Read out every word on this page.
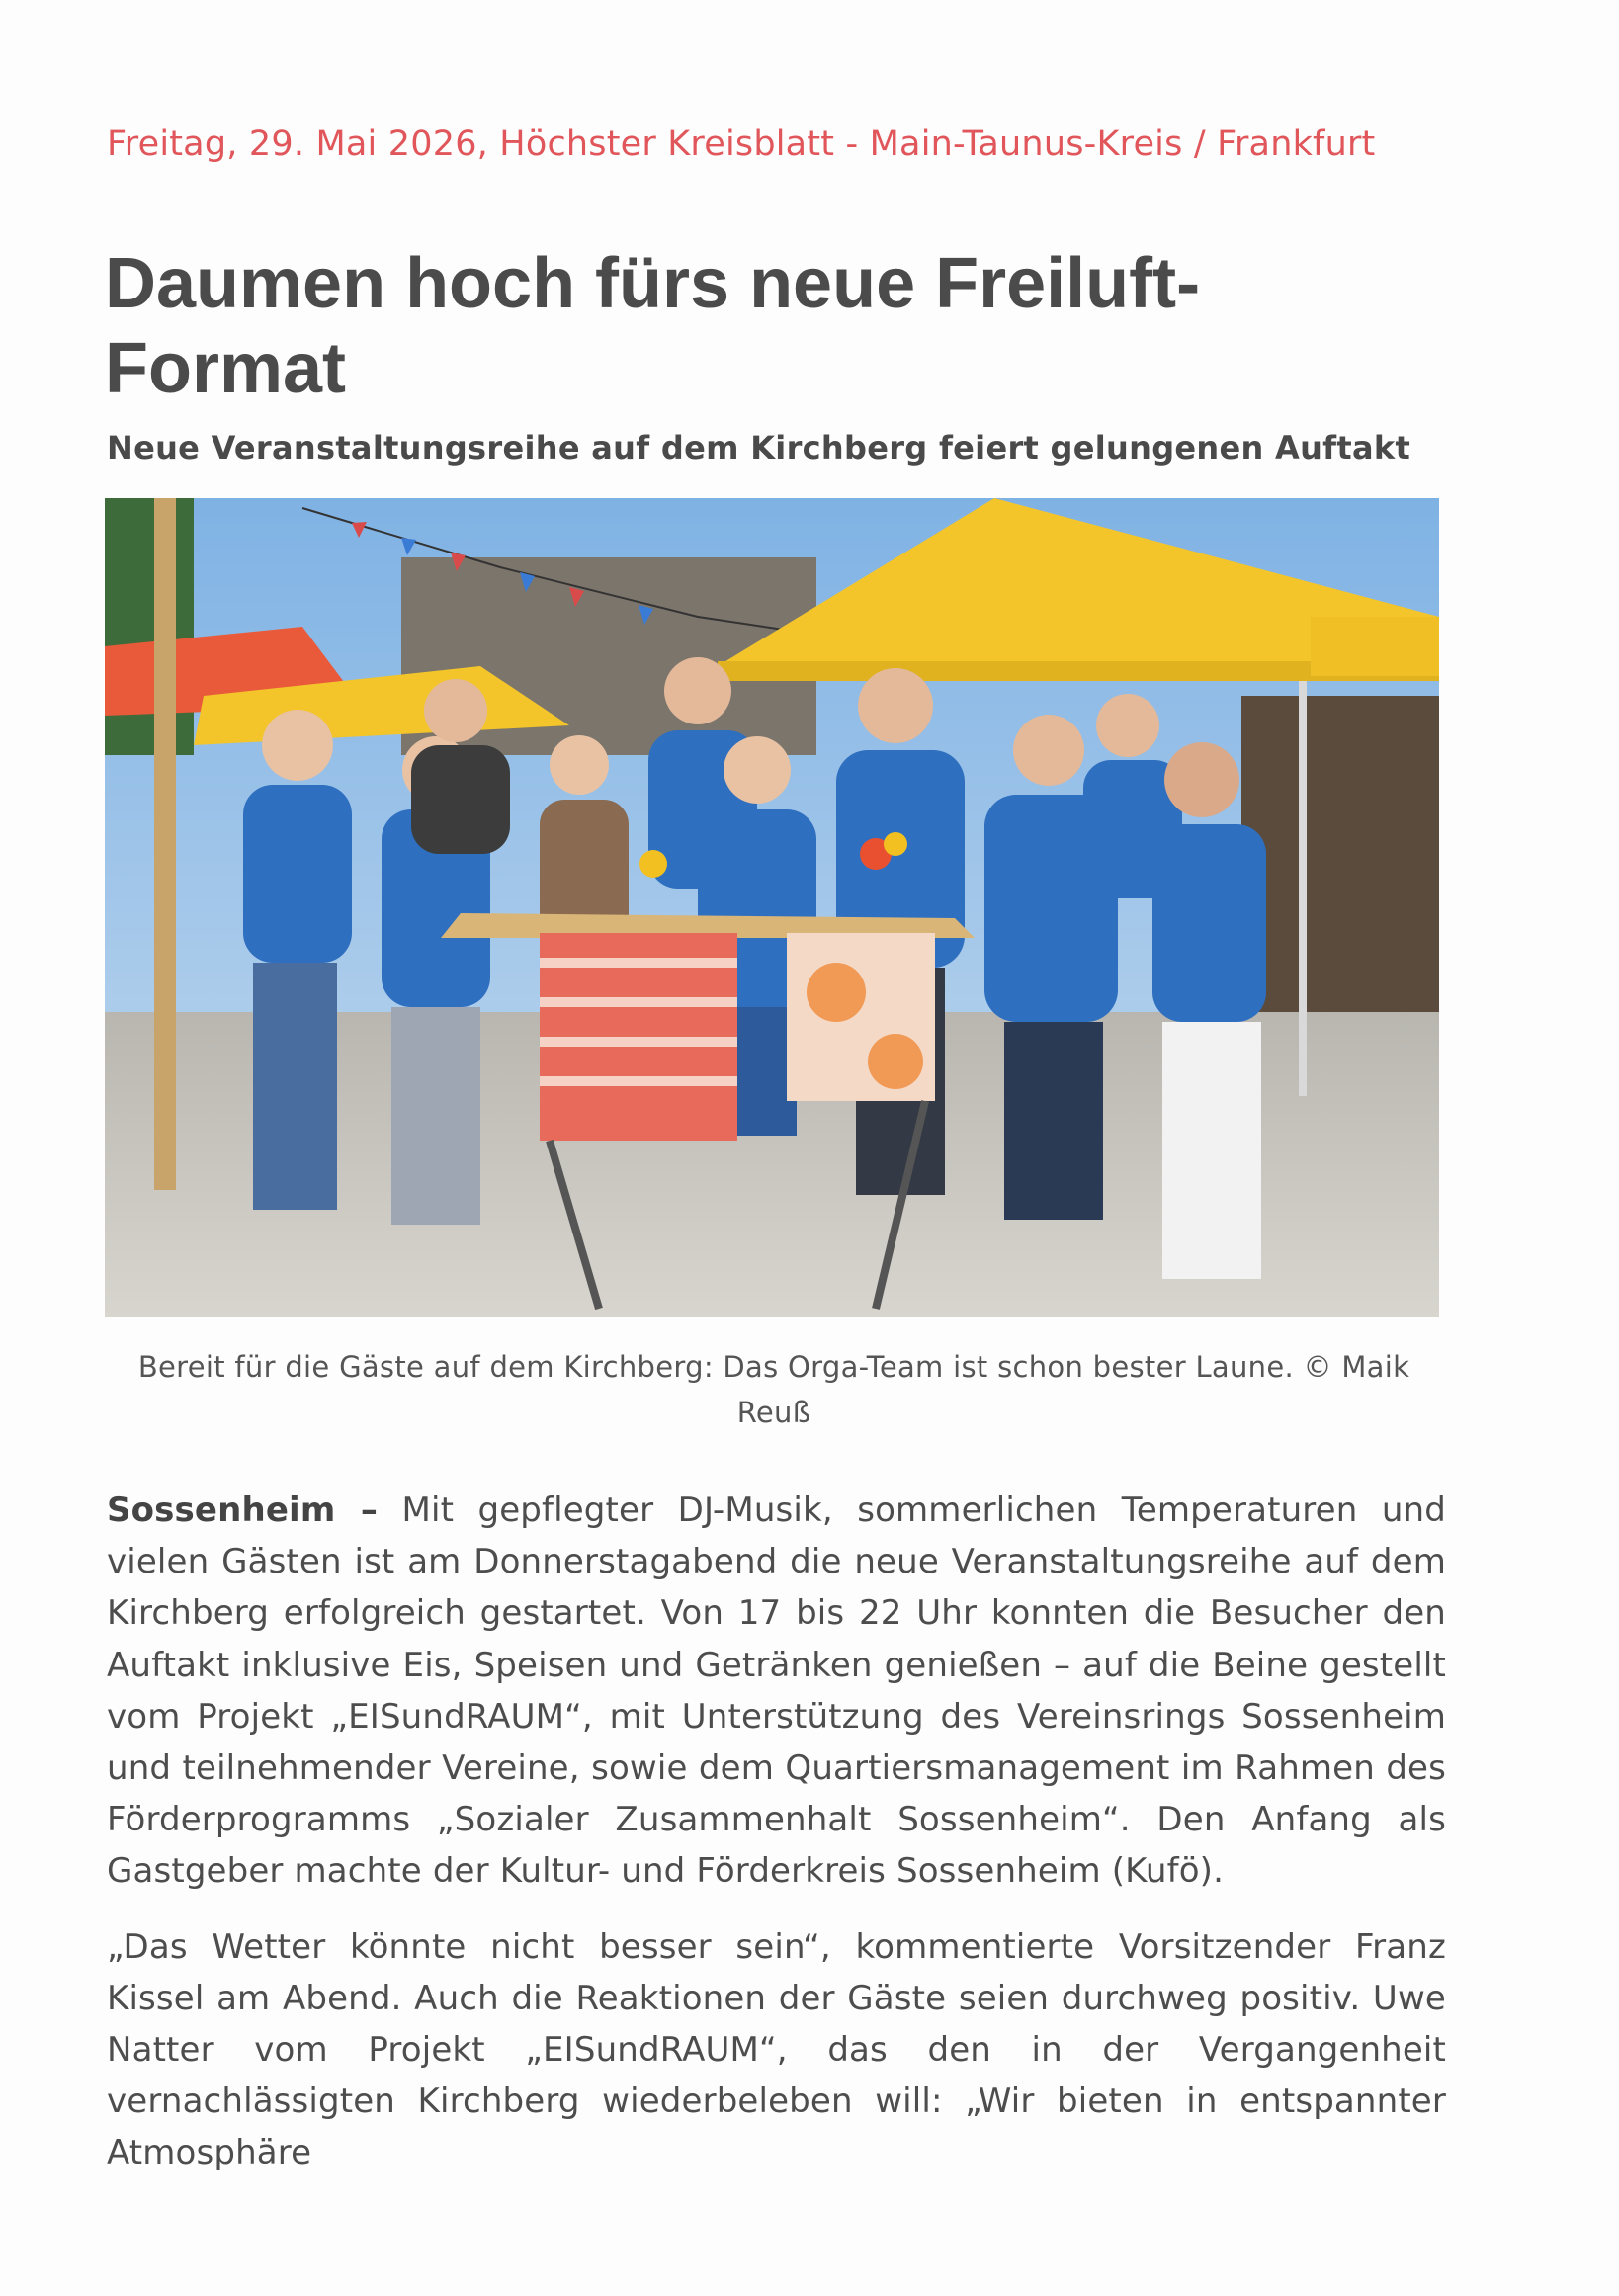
Freitag, 29. Mai 2026, Höchster Kreisblatt - Main-Taunus-Kreis / Frankfurt
Daumen hoch fürs neue Freiluft-Format
Neue Veranstaltungsreihe auf dem Kirchberg feiert gelungenen Auftakt
Bereit für die Gäste auf dem Kirchberg: Das Orga-Team ist schon bester Laune. © Maik Reuß

Sossenheim – Mit gepflegter DJ-Musik, sommerlichen Temperaturen und vielen Gästen ist am Donnerstagabend die neue Veranstaltungsreihe auf dem Kirchberg erfolgreich gestartet. Von 17 bis 22 Uhr konnten die Besucher den Auftakt inklusive Eis, Speisen und Getränken genießen – auf die Beine gestellt vom Projekt „EISundRAUM“, mit Unterstützung des Vereinsrings Sossenheim und teilnehmender Vereine, sowie dem Quartiersmanagement im Rahmen des Förderprogramms „Sozialer Zusammenhalt Sossenheim“. Den Anfang als Gastgeber machte der Kultur- und Förderkreis Sossenheim (Kufö).

„Das Wetter könnte nicht besser sein“, kommentierte Vorsitzender Franz Kissel am Abend. Auch die Reaktionen der Gäste seien durchweg positiv. Uwe Natter vom Projekt „EISundRAUM“, das den in der Vergangenheit vernachlässigten Kirchberg wiederbeleben will: „Wir bieten in entspannter Atmosphäre
